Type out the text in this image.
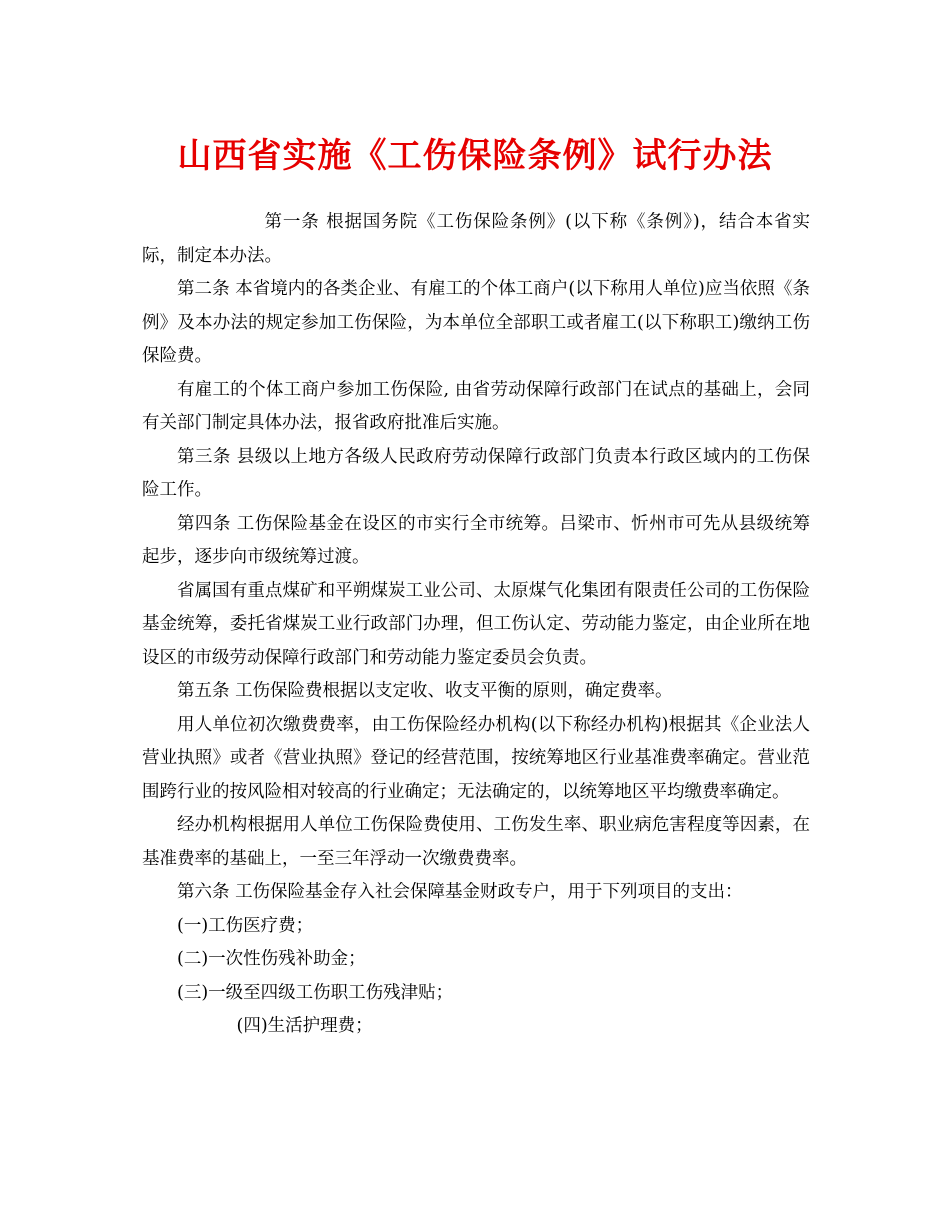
山西省实施《工伤保险条例》试行办法

第一条 根据国务院《工伤保险条例》(以下称《条例》)，结合本省实际，制定本办法。

第二条 本省境内的各类企业、有雇工的个体工商户(以下称用人单位)应当依照《条例》及本办法的规定参加工伤保险，为本单位全部职工或者雇工(以下称职工)缴纳工伤保险费。

有雇工的个体工商户参加工伤保险, 由省劳动保障行政部门在试点的基础上，会同有关部门制定具体办法，报省政府批准后实施。

第三条 县级以上地方各级人民政府劳动保障行政部门负责本行政区域内的工伤保险工作。

第四条 工伤保险基金在设区的市实行全市统筹。吕梁市、忻州市可先从县级统筹起步，逐步向市级统筹过渡。

省属国有重点煤矿和平朔煤炭工业公司、太原煤气化集团有限责任公司的工伤保险基金统筹，委托省煤炭工业行政部门办理，但工伤认定、劳动能力鉴定，由企业所在地设区的市级劳动保障行政部门和劳动能力鉴定委员会负责。

第五条 工伤保险费根据以支定收、收支平衡的原则，确定费率。

用人单位初次缴费费率，由工伤保险经办机构(以下称经办机构)根据其《企业法人营业执照》或者《营业执照》登记的经营范围，按统筹地区行业基准费率确定。营业范围跨行业的按风险相对较高的行业确定；无法确定的，以统筹地区平均缴费率确定。

经办机构根据用人单位工伤保险费使用、工伤发生率、职业病危害程度等因素，在基准费率的基础上，一至三年浮动一次缴费费率。

第六条 工伤保险基金存入社会保障基金财政专户，用于下列项目的支出：

(一)工伤医疗费；

(二)一次性伤残补助金；

(三)一级至四级工伤职工伤残津贴；

(四)生活护理费；
